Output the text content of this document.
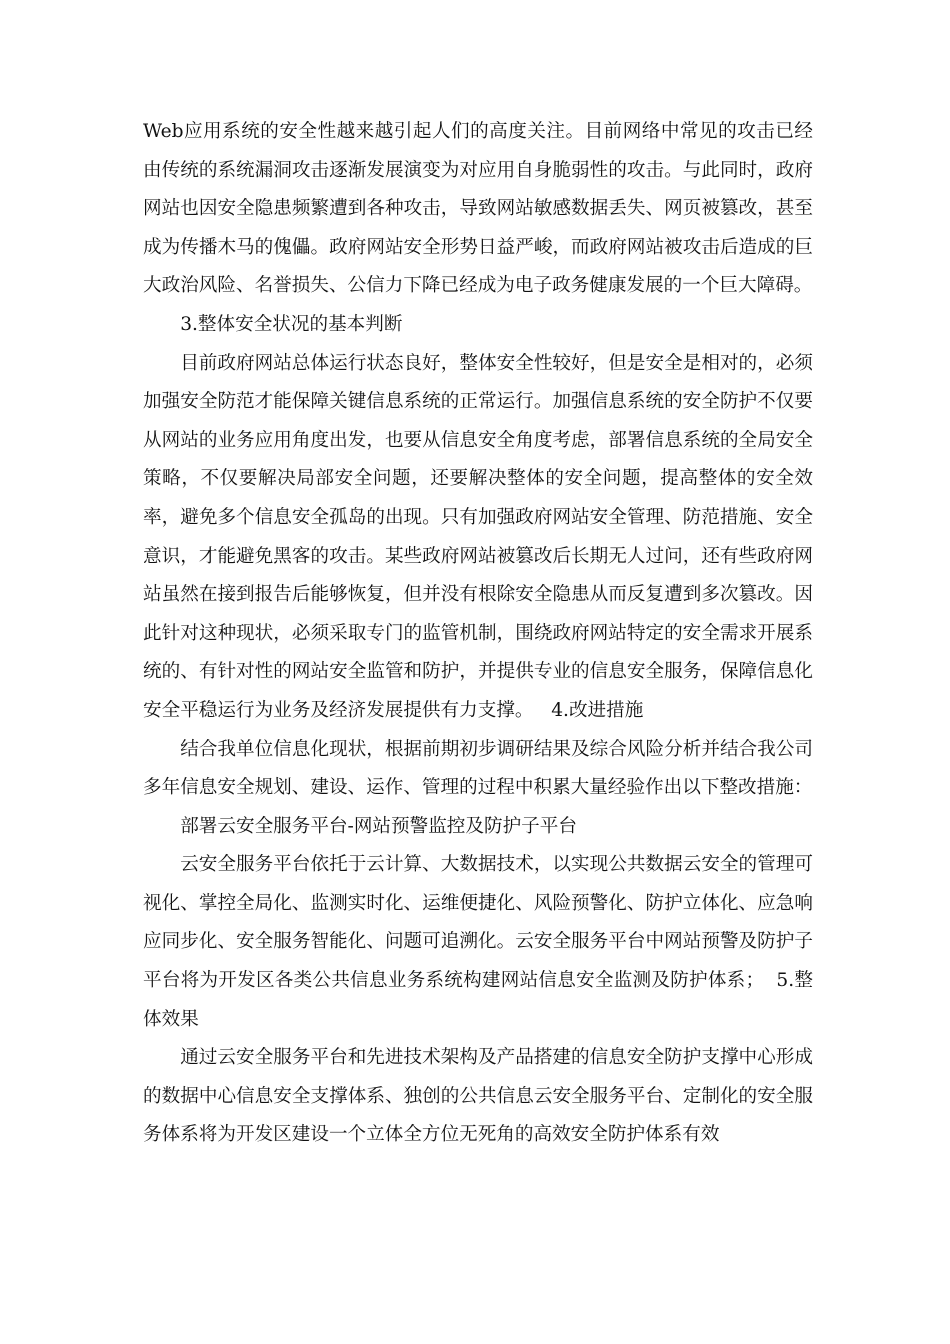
Web应用系统的安全性越来越引起人们的高度关注。目前网络中常见的攻击已经由传统的系统漏洞攻击逐渐发展演变为对应用自身脆弱性的攻击。与此同时，政府网站也因安全隐患频繁遭到各种攻击，导致网站敏感数据丢失、网页被篡改，甚至成为传播木马的傀儡。政府网站安全形势日益严峻，而政府网站被攻击后造成的巨大政治风险、名誉损失、公信力下降已经成为电子政务健康发展的一个巨大障碍。

3.整体安全状况的基本判断

目前政府网站总体运行状态良好，整体安全性较好，但是安全是相对的，必须加强安全防范才能保障关键信息系统的正常运行。加强信息系统的安全防护不仅要从网站的业务应用角度出发，也要从信息安全角度考虑，部署信息系统的全局安全策略，不仅要解决局部安全问题，还要解决整体的安全问题，提高整体的安全效率，避免多个信息安全孤岛的出现。只有加强政府网站安全管理、防范措施、安全意识，才能避免黑客的攻击。某些政府网站被篡改后长期无人过问，还有些政府网站虽然在接到报告后能够恢复，但并没有根除安全隐患从而反复遭到多次篡改。因此针对这种现状，必须采取专门的监管机制，围绕政府网站特定的安全需求开展系统的、有针对性的网站安全监管和防护，并提供专业的信息安全服务，保障信息化安全平稳运行为业务及经济发展提供有力支撑。 4.改进措施

结合我单位信息化现状，根据前期初步调研结果及综合风险分析并结合我公司多年信息安全规划、建设、运作、管理的过程中积累大量经验作出以下整改措施：

部署云安全服务平台-网站预警监控及防护子平台

云安全服务平台依托于云计算、大数据技术，以实现公共数据云安全的管理可视化、掌控全局化、监测实时化、运维便捷化、风险预警化、防护立体化、应急响应同步化、安全服务智能化、问题可追溯化。云安全服务平台中网站预警及防护子平台将为开发区各类公共信息业务系统构建网站信息安全监测及防护体系； 5.整体效果

通过云安全服务平台和先进技术架构及产品搭建的信息安全防护支撑中心形成的数据中心信息安全支撑体系、独创的公共信息云安全服务平台、定制化的安全服务体系将为开发区建设一个立体全方位无死角的高效安全防护体系有效
